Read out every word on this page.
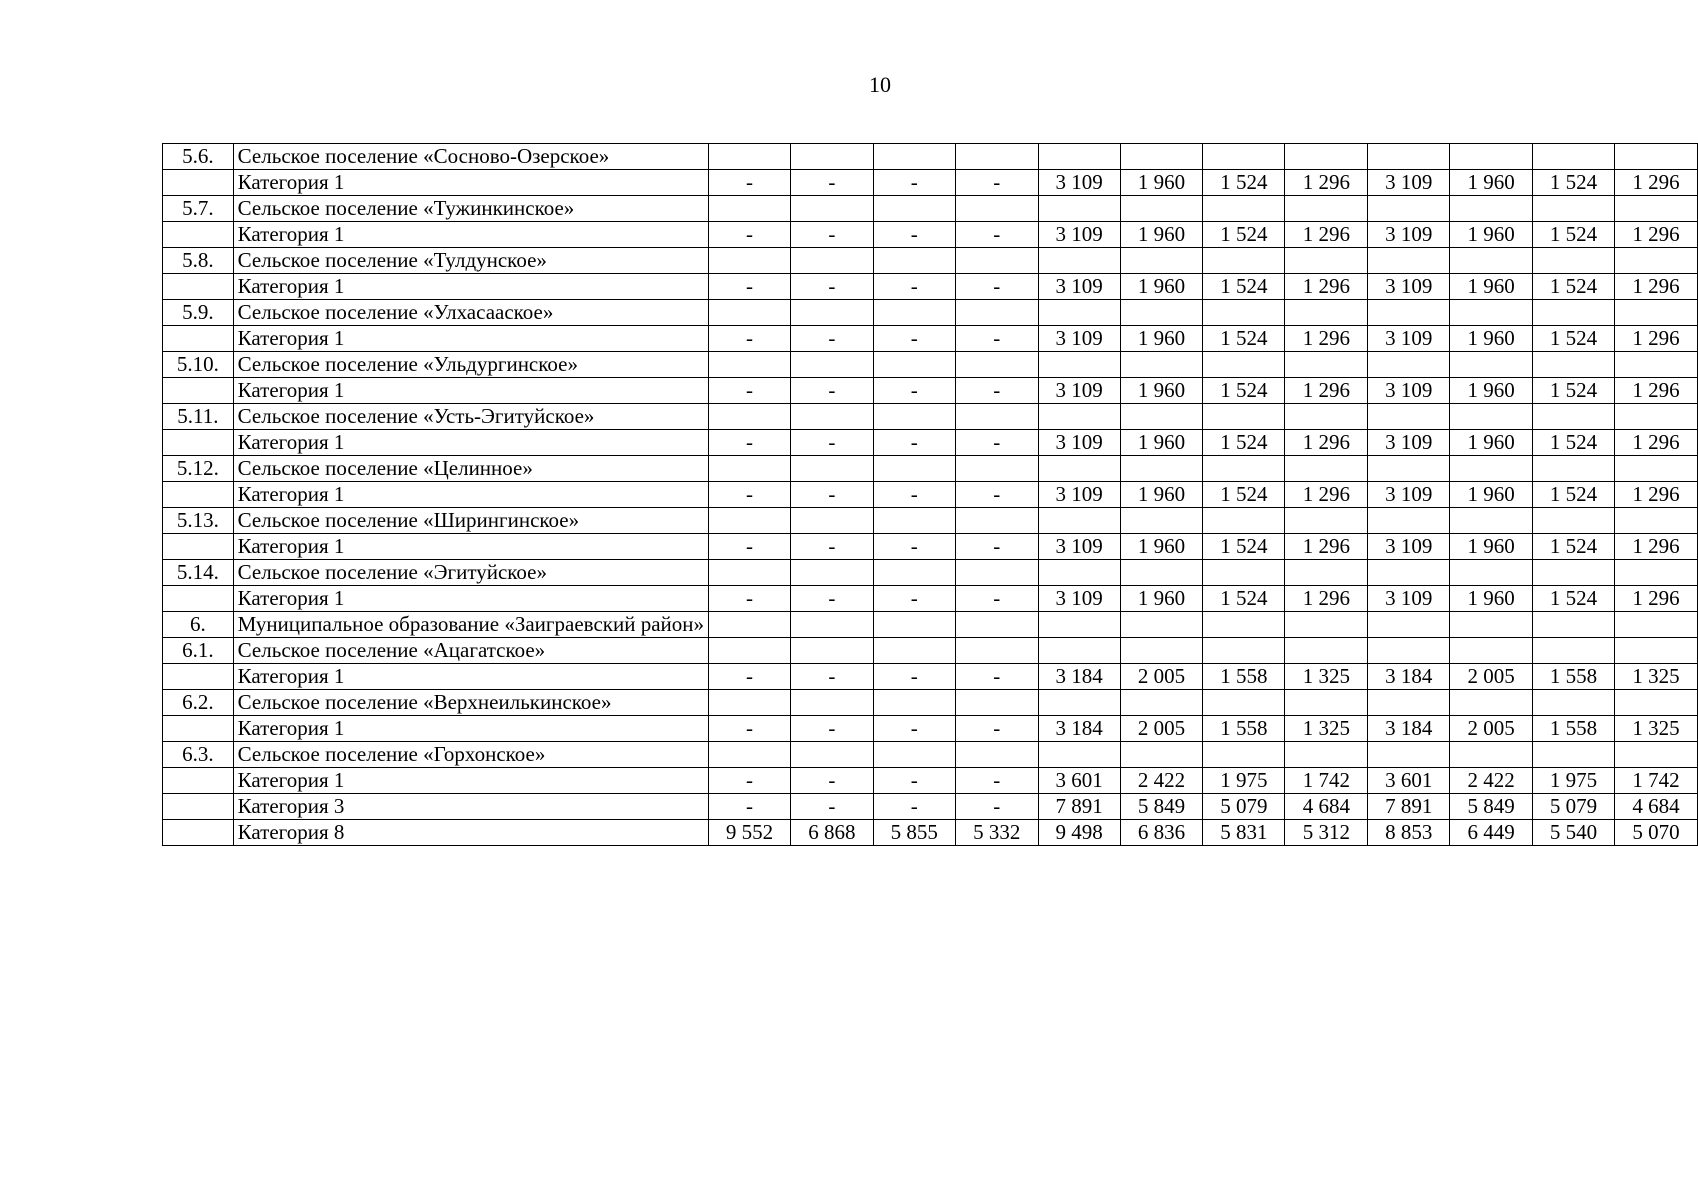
10
5.6.	Сельское поселение «Сосново-Озерское»												
	Категория 1	-	-	-	-	3 109	1 960	1 524	1 296	3 109	1 960	1 524	1 296
5.7.	Сельское поселение «Тужинкинское»												
	Категория 1	-	-	-	-	3 109	1 960	1 524	1 296	3 109	1 960	1 524	1 296
5.8.	Сельское поселение «Тулдунское»												
	Категория 1	-	-	-	-	3 109	1 960	1 524	1 296	3 109	1 960	1 524	1 296
5.9.	Сельское поселение «Улхасааское»												
	Категория 1	-	-	-	-	3 109	1 960	1 524	1 296	3 109	1 960	1 524	1 296
5.10.	Сельское поселение «Ульдургинское»												
	Категория 1	-	-	-	-	3 109	1 960	1 524	1 296	3 109	1 960	1 524	1 296
5.11.	Сельское поселение «Усть-Эгитуйское»												
	Категория 1	-	-	-	-	3 109	1 960	1 524	1 296	3 109	1 960	1 524	1 296
5.12.	Сельское поселение «Целинное»												
	Категория 1	-	-	-	-	3 109	1 960	1 524	1 296	3 109	1 960	1 524	1 296
5.13.	Сельское поселение «Ширингинское»												
	Категория 1	-	-	-	-	3 109	1 960	1 524	1 296	3 109	1 960	1 524	1 296
5.14.	Сельское поселение «Эгитуйское»												
	Категория 1	-	-	-	-	3 109	1 960	1 524	1 296	3 109	1 960	1 524	1 296
6.	Муниципальное образование «Заиграевский район»												
6.1.	Сельское поселение «Ацагатское»												
	Категория 1	-	-	-	-	3 184	2 005	1 558	1 325	3 184	2 005	1 558	1 325
6.2.	Сельское поселение «Верхнеилькинское»												
	Категория 1	-	-	-	-	3 184	2 005	1 558	1 325	3 184	2 005	1 558	1 325
6.3.	Сельское поселение «Горхонское»												
	Категория 1	-	-	-	-	3 601	2 422	1 975	1 742	3 601	2 422	1 975	1 742
	Категория 3	-	-	-	-	7 891	5 849	5 079	4 684	7 891	5 849	5 079	4 684
	Категория 8	9 552	6 868	5 855	5 332	9 498	6 836	5 831	5 312	8 853	6 449	5 540	5 070
